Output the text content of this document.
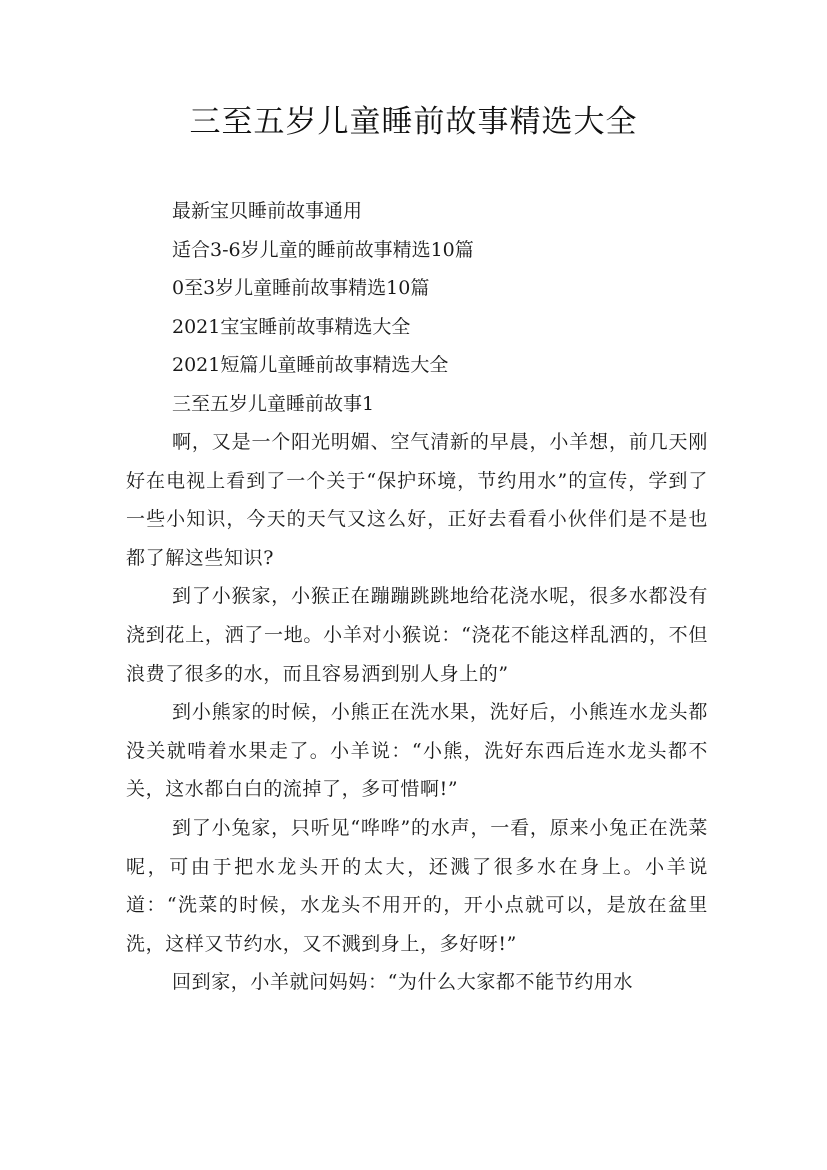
三至五岁儿童睡前故事精选大全
最新宝贝睡前故事通用
适合3-6岁儿童的睡前故事精选10篇
0至3岁儿童睡前故事精选10篇
2021宝宝睡前故事精选大全
2021短篇儿童睡前故事精选大全
三至五岁儿童睡前故事1

啊，又是一个阳光明媚、空气清新的早晨，小羊想，前几天刚好在电视上看到了一个关于“保护环境，节约用水”的宣传，学到了一些小知识，今天的天气又这么好，正好去看看小伙伴们是不是也都了解这些知识?

到了小猴家，小猴正在蹦蹦跳跳地给花浇水呢，很多水都没有浇到花上，洒了一地。小羊对小猴说：“浇花不能这样乱洒的，不但浪费了很多的水，而且容易洒到别人身上的”

到小熊家的时候，小熊正在洗水果，洗好后，小熊连水龙头都没关就啃着水果走了。小羊说：“小熊，洗好东西后连水龙头都不关，这水都白白的流掉了，多可惜啊!”

到了小兔家，只听见“哗哗”的水声，一看，原来小兔正在洗菜呢，可由于把水龙头开的太大，还溅了很多水在身上。小羊说道：“洗菜的时候，水龙头不用开的，开小点就可以，是放在盆里洗，这样又节约水，又不溅到身上，多好呀!”

回到家，小羊就问妈妈：“为什么大家都不能节约用水
